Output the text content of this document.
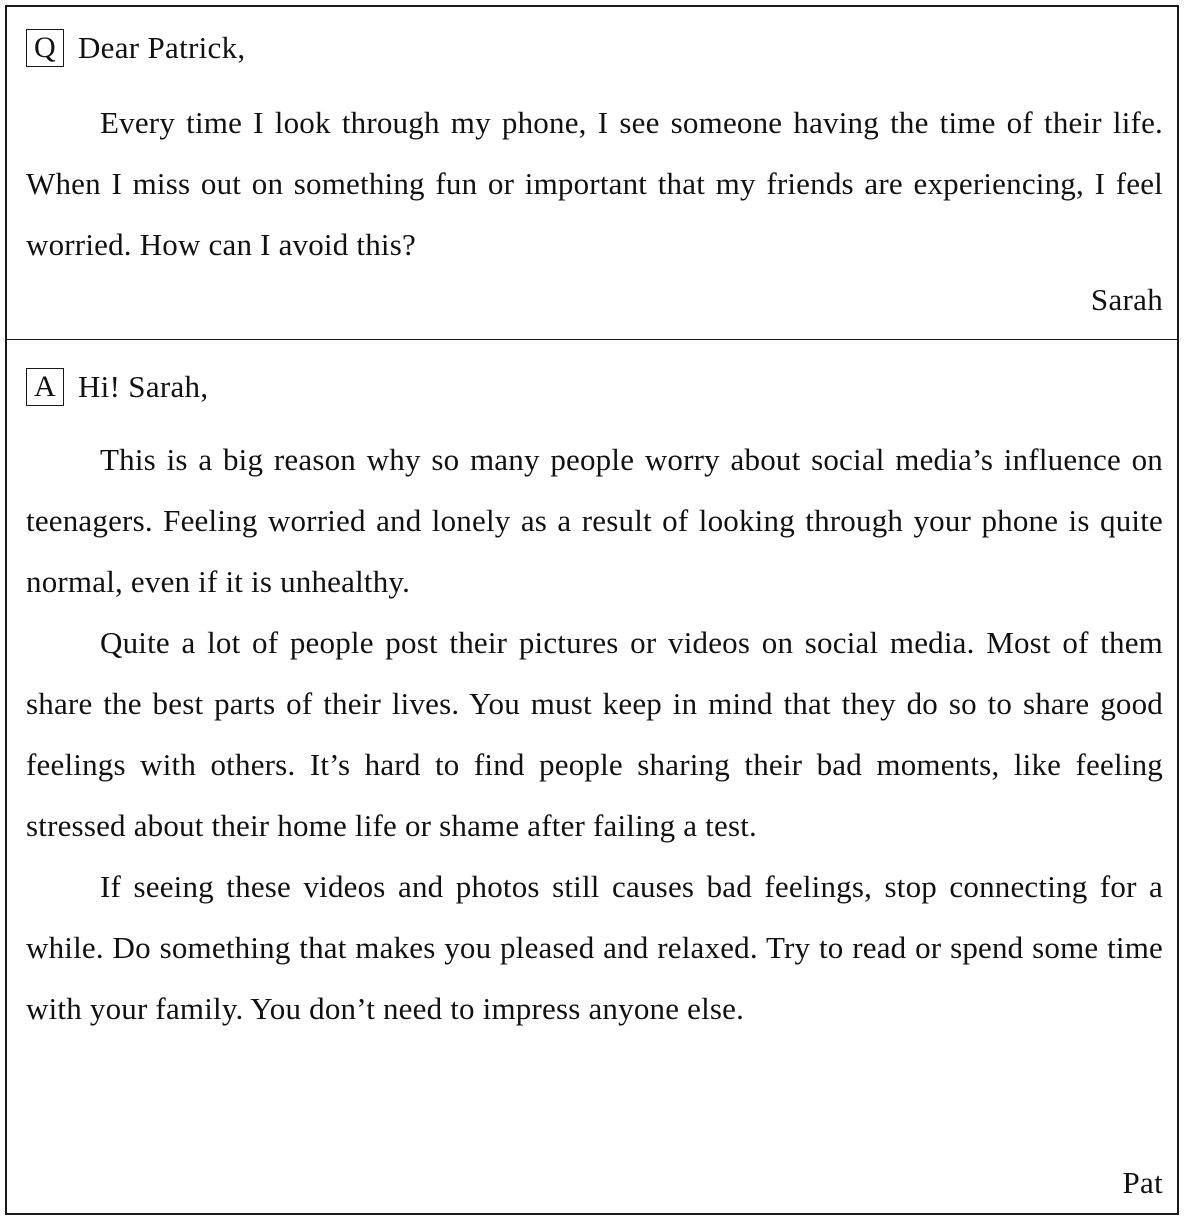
Q Dear Patrick,

Every time I look through my phone, I see someone having the time of their life. When I miss out on something fun or important that my friends are experiencing, I feel worried. How can I avoid this?

Sarah
A Hi! Sarah,

This is a big reason why so many people worry about social media’s influence on teenagers. Feeling worried and lonely as a result of looking through your phone is quite normal, even if it is unhealthy.

Quite a lot of people post their pictures or videos on social media. Most of them share the best parts of their lives. You must keep in mind that they do so to share good feelings with others. It’s hard to find people sharing their bad moments, like feeling stressed about their home life or shame after failing a test.

If seeing these videos and photos still causes bad feelings, stop connecting for a while. Do something that makes you pleased and relaxed. Try to read or spend some time with your family. You don’t need to impress anyone else.

Pat
